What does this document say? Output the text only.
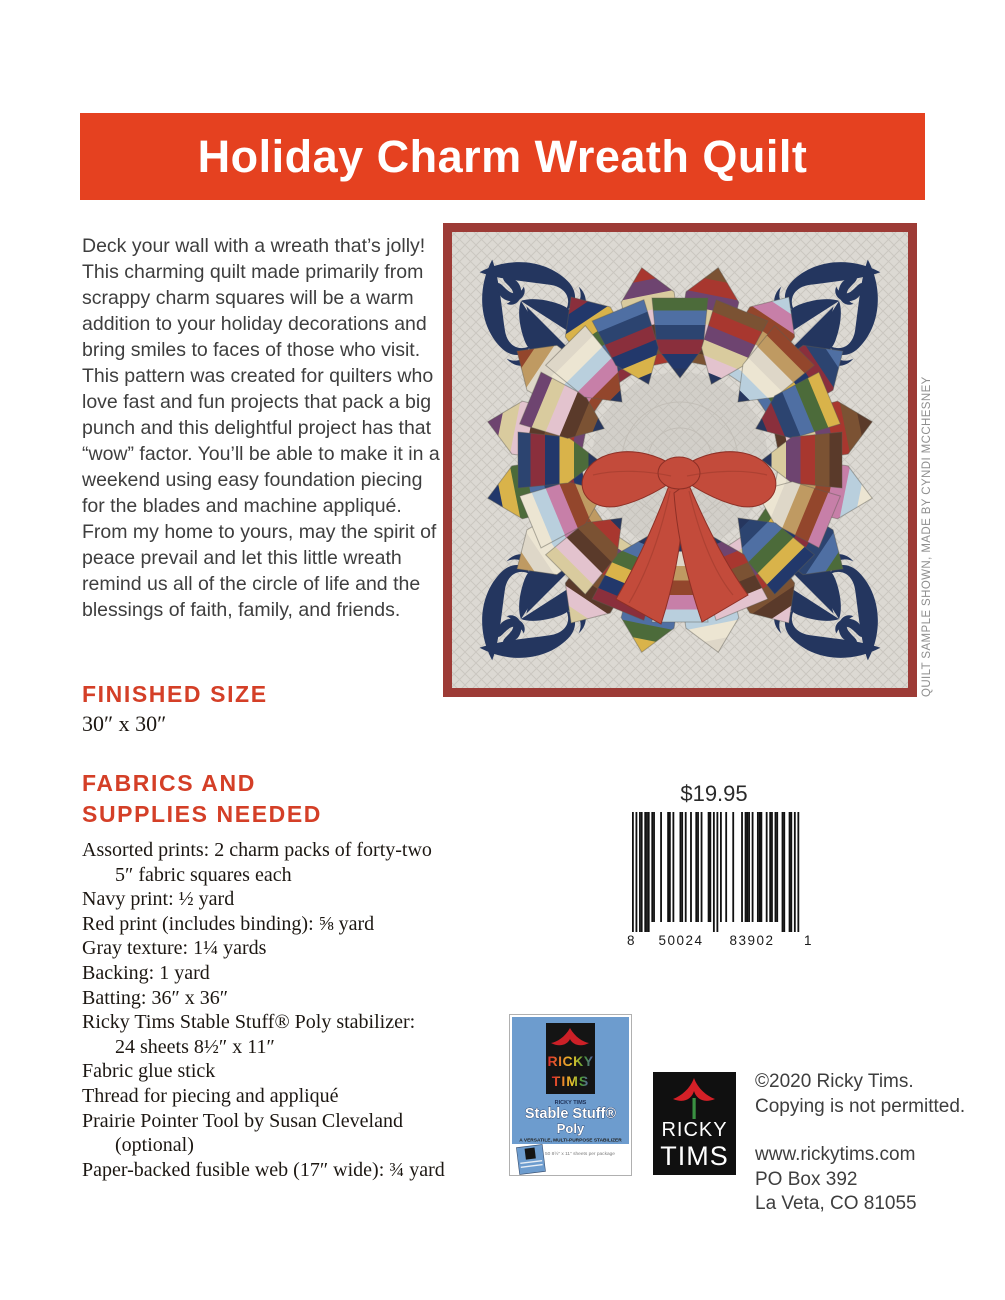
Holiday Charm Wreath Quilt
Deck your wall with a wreath that’s jolly! This charming quilt made primarily from scrappy charm squares will be a warm addition to your holiday decorations and bring smiles to faces of those who visit. This pattern was created for quilters who love fast and fun projects that pack a big punch and this delightful project has that “wow” factor. You’ll be able to make it in a weekend using easy foundation piecing for the blades and machine appliqué. From my home to yours, may the spirit of peace prevail and let this little wreath remind us all of the circle of life and the blessings of faith, family, and friends.	QUILT SAMPLE SHOWN, MADE BY CYNDI MCCHESNEY
FINISHED SIZE
30″ x 30″
FABRICS AND
SUPPLIES NEEDED
Assorted prints: 2 charm packs of forty-two
5″ fabric squares each
Navy print: ½ yard
Red print (includes binding): ⅝ yard
Gray texture: 1¼ yards
Backing: 1 yard
Batting: 36″ x 36″
Ricky Tims Stable Stuff® Poly stabilizer:
24 sheets 8½″ x 11″
Fabric glue stick
Thread for piecing and appliqué
Prairie Pointer Tool by Susan Cleveland
(optional)
Paper-backed fusible web (17″ wide): ¾ yard
$19.95
8 50024 83902 1
RICKY
TIMS
RICKY TIMS
Stable Stuff®
Poly
A VERSATILE, MULTI-PURPOSE STABILIZER
50 8½″ x 11″ sheets per package
RICKY
TIMS
©2020 Ricky Tims.
Copying is not permitted.
www.rickytims.com
PO Box 392
La Veta, CO 81055
